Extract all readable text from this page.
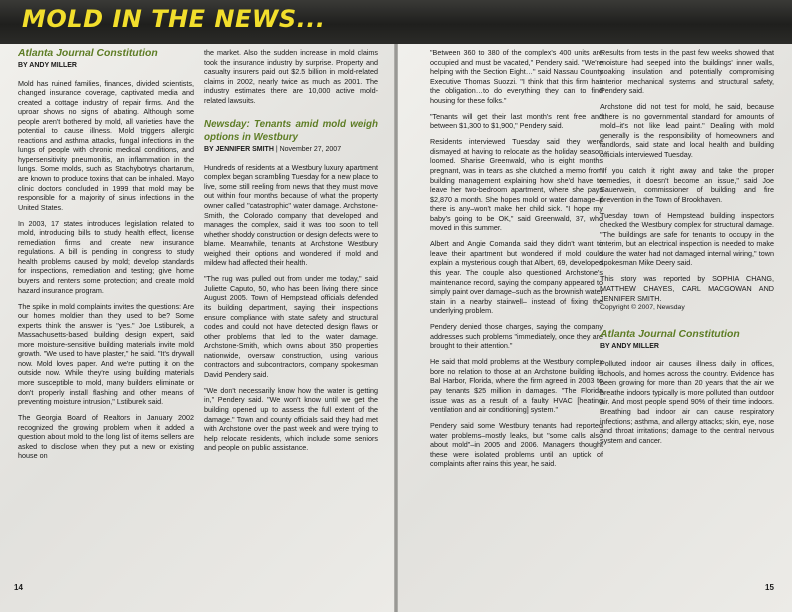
MOLD IN THE NEWS...
Atlanta Journal Constitution
BY ANDY MILLER

Mold has ruined families, finances, divided scientists, changed insurance coverage, captivated media and created a cottage industry of repair firms. And the uproar shows no signs of abating. Although some people aren't bothered by mold, all varieties have the potential to cause illness. Mold triggers allergic reactions and asthma attacks, fungal infections in the lungs of people with chronic medical conditions, and hypersensitivity pneumonitis, an inflammation in the lungs. Some molds, such as Stachybotrys chartarum, are known to produce toxins that can be inhaled. Mayo clinic doctors concluded in 1999 that mold may be responsible for a majority of sinus infections in the United States.

In 2003, 17 states introduces legislation related to mold, introducing bills to study health effect, license remediation firms and create new insurance regulations. A bill is pending in congress to study health problems caused by mold; develop standards for inspections, remediation and testing; give home buyers and renters some protection; and create mold hazard insurance program.

The spike in mold complaints invites the questions: Are our homes moldier than they used to be? Some experts think the answer is "yes." Joe Lstiburek, a Massachusetts-based building design expert, said more moisture-sensitive building materials invite mold growth. "We used to have plaster," he said. "It's drywall now. Mold loves paper. And we're putting it on the outside now. While they're using building materials more susceptible to mold, many builders eliminate or don't properly install flashing and other means of preventing moisture intrusion," Lstiburek said.

The Georgia Board of Realtors in January 2002 recognized the growing problem when it added a question about mold to the long list of items sellers are asked to disclose when they put a new or existing house on

the market. Also the sudden increase in mold claims took the insurance industry by surprise. Property and casualty insurers paid out $2.5 billion in mold-related claims in 2002, nearly twice as much as 2001. The industry estimates there are 10,000 active mold-related lawsuits.

Newsday: Tenants amid mold weigh options in Westbury
BY JENNIFER SMITH | November 27, 2007

Hundreds of residents at a Westbury luxury apartment complex began scrambling Tuesday for a new place to live, some still reeling from news that they must move out within four months because of what the property owner called "catastrophic" water damage. Archstone-Smith, the Colorado company that developed and manages the complex, said it was too soon to tell whether shoddy construction or design defects were to blame. Meanwhile, tenants at Archstone Westbury weighed their options and wondered if mold and mildew had affected their health.

"The rug was pulled out from under me today," said Juliette Caputo, 50, who has been living there since August 2005. Town of Hempstead officials defended its building department, saying their inspections ensure compliance with state safety and structural codes and could not have detected design flaws or other problems that led to the water damage. Archstone-Smith, which owns about 350 properties nationwide, oversaw construction, using various contractors and subcontractors, company spokesman David Pendery said.

"We don't necessarily know how the water is getting in," Pendery said. "We won't know until we get the building opened up to assess the full extent of the damage." Town and county officials said they had met with Archstone over the past week and were trying to help relocate residents, which include some seniors and people on public assistance.

"Between 360 to 380 of the complex's 400 units are occupied and must be vacated," Pendery said. "We're helping with the Section Eight…" said Nassau County Executive Thomas Suozzi. "I think that this firm has the obligation…to do everything they can to find housing for these folks."

"Tenants will get their last month's rent free and between $1,300 to $1,900," Pendery said.

Residents interviewed Tuesday said they were dismayed at having to relocate as the holiday season loomed. Sharise Greenwald, who is eight months pregnant, was in tears as she clutched a memo from building management explaining how she'd have to leave her two-bedroom apartment, where she pays $2,870 a month. She hopes mold or water damage–if there is any–won't make her child sick. "I hope my baby's going to be OK," said Greenwald, 37, who moved in this summer.

Albert and Angie Comanda said they didn't want to leave their apartment but wondered if mold could explain a mysterious cough that Albert, 69, developed this year. The couple also questioned Archstone's maintenance record, saying the company appeared to simply paint over damage–such as the brownish water stain in a nearby stairwell– instead of fixing the underlying problem.

Pendery denied those charges, saying the company addresses such problems "immediately, once they are brought to their attention."

He said that mold problems at the Westbury complex bore no relation to those at an Archstone building in Bal Harbor, Florida, where the firm agreed in 2003 to pay tenants $25 million in damages. "The Florida issue was as a result of a faulty HVAC [heating ventilation and air conditioning] system."

Pendery said some Westbury tenants had reported water problems–mostly leaks, but "some calls also about mold"–in 2005 and 2006. Managers thought these were isolated problems until an uptick of complaints after rains this year, he said.

Results from tests in the past few weeks showed that moisture had seeped into the buildings' inner walls, soaking insulation and potentially compromising interior mechanical systems and structural safety, Pendery said.

Archstone did not test for mold, he said, because "there is no governmental standard for amounts of mold–it's not like lead paint." Dealing with mold generally is the responsibility of homeowners and landlords, said state and local health and building officials interviewed Tuesday.

"If you catch it right away and take the proper remedies, it doesn't become an issue," said Joe Sauerwein, commissioner of building and fire prevention in the Town of Brookhaven.

Tuesday town of Hempstead building inspectors checked the Westbury complex for structural damage. "The buildings are safe for tenants to occupy in the interim, but an electrical inspection is needed to make sure the water had not damaged internal wiring," town spokesman Mike Deery said.

This story was reported by SOPHIA CHANG, MATTHEW CHAYES, CARL MACGOWAN AND JENNIFER SMITH.

Copyright © 2007, Newsday

Atlanta Journal Constitution
BY ANDY MILLER

Polluted indoor air causes illness daily in offices, schools, and homes across the country. Evidence has been growing for more than 20 years that the air we breathe indoors typically is more polluted than outdoor air. And most people spend 90% of their time indoors. Breathing bad indoor air can cause respiratory infections; asthma, and allergy attacks; skin, eye, nose and throat irritations; damage to the central nervous system and cancer.

14	15
